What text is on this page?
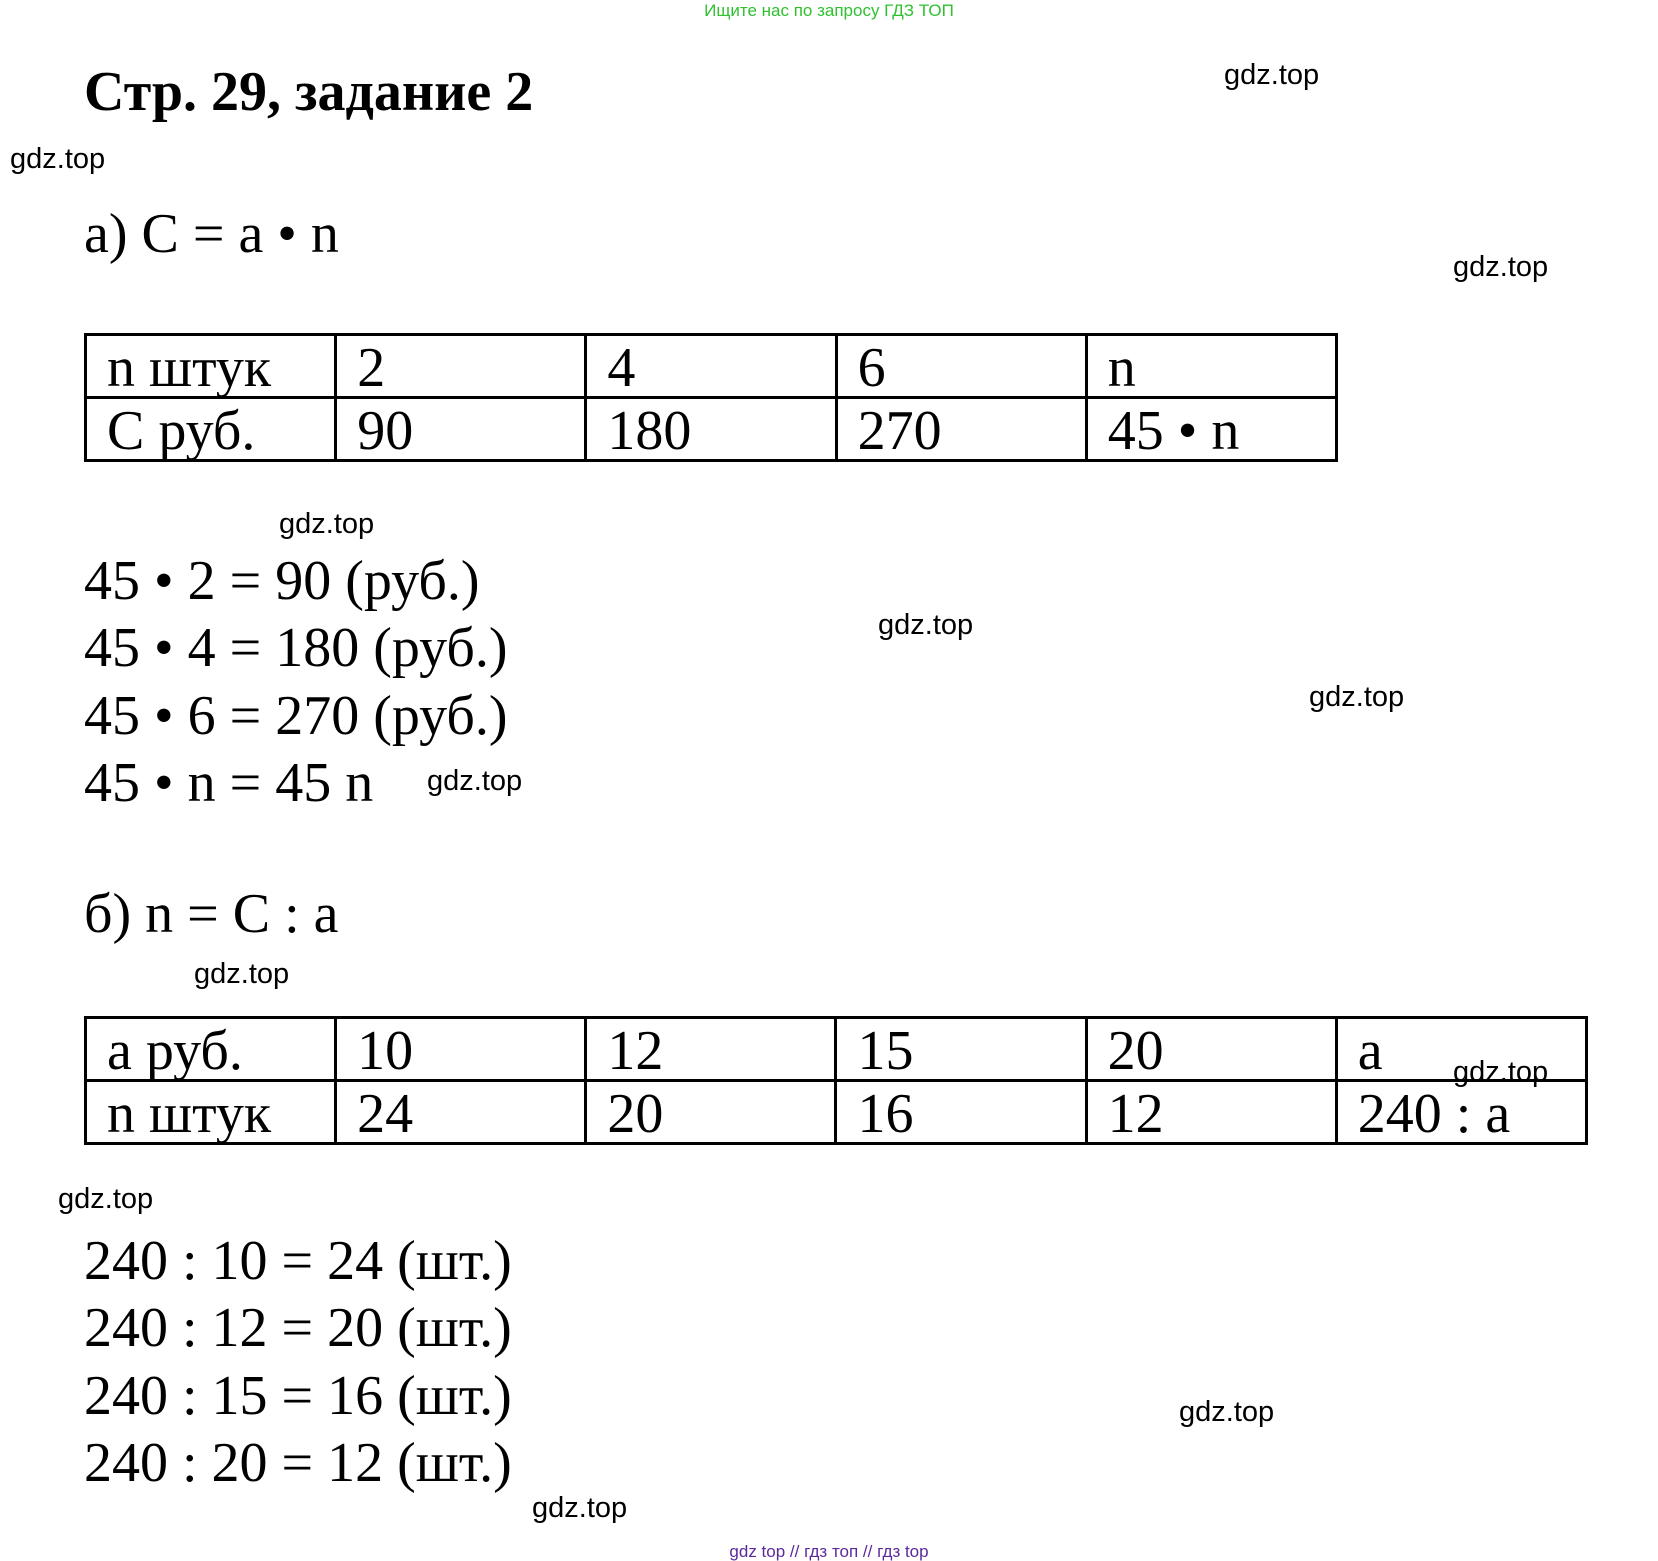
Ищите нас по запросу ГДЗ ТОП
Стр. 29, задание 2	gdz.top
gdz.top
gdz.top
gdz.top
gdz.top
gdz.top
gdz.top
gdz.top
gdz.top
gdz.top
gdz.top
а) С = а • n
n штук	2	4	6	n
С руб.	90	180	270	45 • n
45 • 2 = 90 (руб.)
45 • 4 = 180 (руб.)
45 • 6 = 270 (руб.)
45 • n = 45 n
б) n = С : а
а руб.	10	12	15	20	а
n штук	24	20	16	12	240 : а
gdz.top
240 : 10 = 24 (шт.)
240 : 12 = 20 (шт.)
240 : 15 = 16 (шт.)
240 : 20 = 12 (шт.)
gdz top // гдз топ // гдз top
